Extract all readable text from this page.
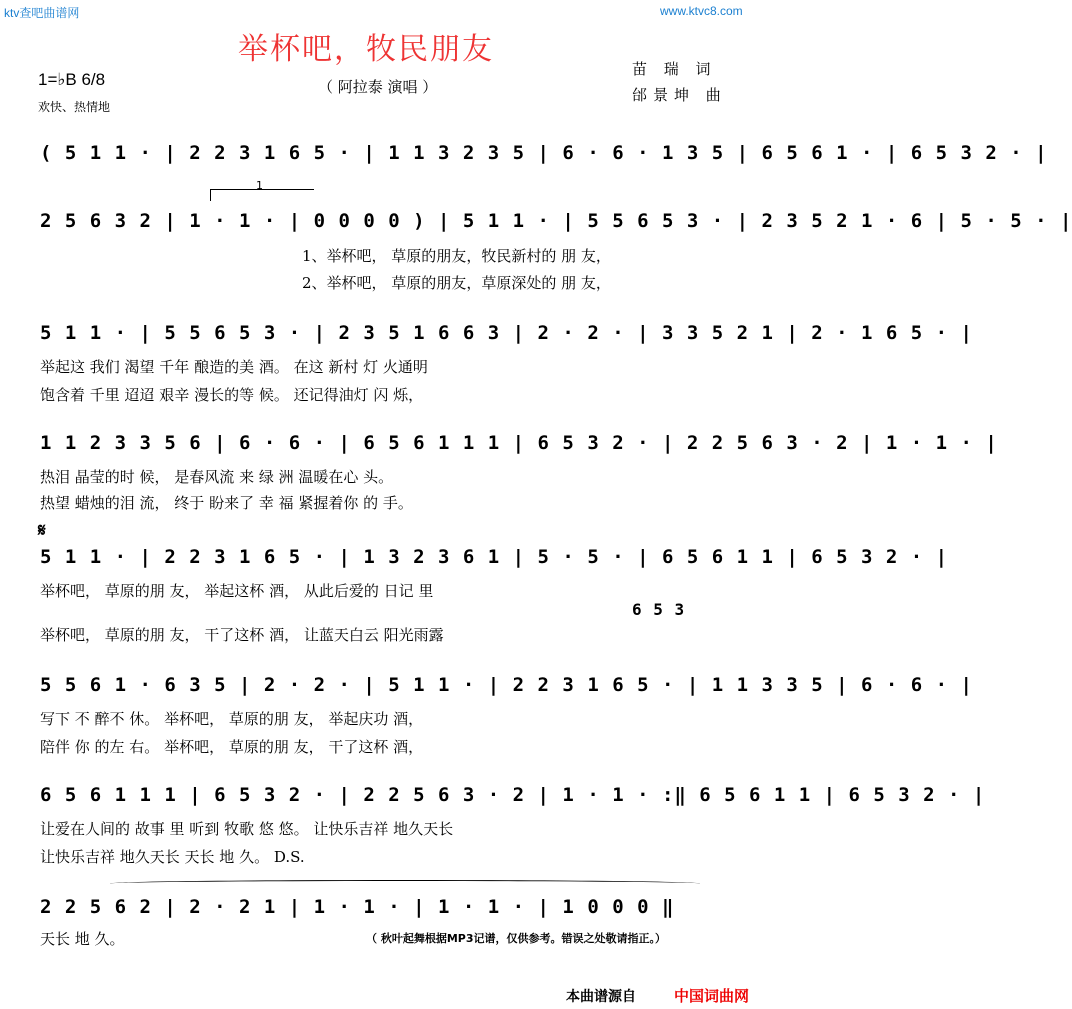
ktv查吧曲谱网	www.ktvc8.com
举杯吧，牧民朋友
（ 阿拉泰 演唱 ）
苗 瑞 词
邰景坤 曲
1=♭B 6/8
欢快、热情地
( 5 1 1 · | 2 2 3 1 6 5 · | 1 1 3 2 3 5 | 6 · 6 · 1 3 5 | 6 5 6 1 · | 6 5 3 2 · |
1
2 5 6 3 2 | 1 · 1 · | 0 0 0 0 ) | 5 1 1 · | 5 5 6 5 3 · | 2 3 5 2 1 · 6 | 5 · 5 · |
1、举杯吧， 草原的朋友，牧民新村的 朋 友，
2、举杯吧， 草原的朋友，草原深处的 朋 友，
5 1 1 · | 5 5 6 5 3 · | 2 3 5 1 6 6 3 | 2 · 2 · | 3 3 5 2 1 | 2 · 1 6 5 · |
举起这 我们 渴望 千年 酿造的美 酒。 在这 新村 灯 火通明
饱含着 千里 迢迢 艰辛 漫长的等 候。 还记得油灯 闪 烁，
1 1 2 3 3 5 6 | 6 · 6 · | 6 5 6 1 1 1 | 6 5 3 2 · | 2 2 5 6 3 · 2 | 1 · 1 · |
热泪 晶莹的时 候， 是春风流 来 绿 洲 温暖在心 头。
热望 蜡烛的泪 流， 终于 盼来了 幸 福 紧握着你 的 手。
𝄋
5 1 1 · | 2 2 3 1 6 5 · | 1 3 2 3 6 1 | 5 · 5 · | 6 5 6 1 1 | 6 5 3 2 · |
举杯吧， 草原的朋 友， 举起这杯 酒， 从此后爱的 日记 里
6 5 3
举杯吧， 草原的朋 友， 干了这杯 酒， 让蓝天白云 阳光雨露
5 5 6 1 · 6 3 5 | 2 · 2 · | 5 1 1 · | 2 2 3 1 6 5 · | 1 1 3 3 5 | 6 · 6 · |
写下 不 醉不 休。 举杯吧， 草原的朋 友， 举起庆功 酒，
陪伴 你 的左 右。 举杯吧， 草原的朋 友， 干了这杯 酒，
6 5 6 1 1 1 | 6 5 3 2 · | 2 2 5 6 3 · 2 | 1 · 1 · :‖ 6 5 6 1 1 | 6 5 3 2 · |
让爱在人间的 故事 里 听到 牧歌 悠 悠。 让快乐吉祥 地久天长
让快乐吉祥 地久天长 天长 地 久。 D.S.
2 2 5 6 2 | 2 · 2 1 | 1 · 1 · | 1 · 1 · | 1 0 0 0 ‖
天长 地 久。	（ 秋叶起舞根据MP3记谱，仅供参考。错误之处敬请指正。）
本曲谱源自	中国词曲网
